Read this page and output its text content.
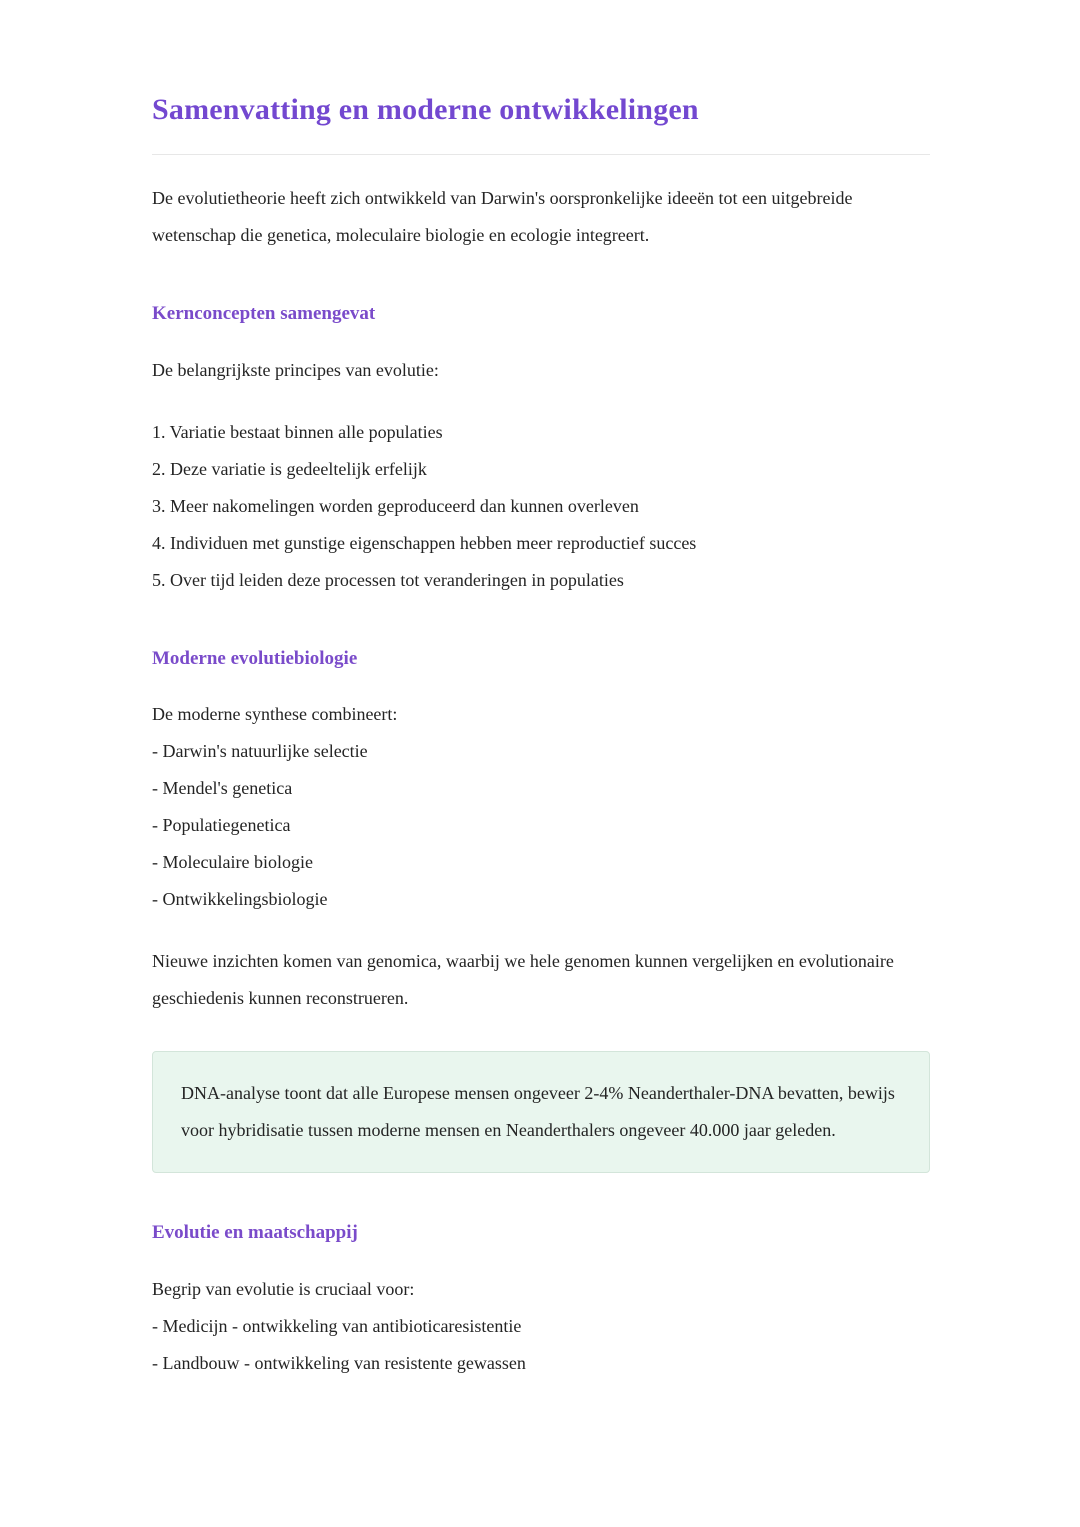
Samenvatting en moderne ontwikkelingen

De evolutietheorie heeft zich ontwikkeld van Darwin's oorspronkelijke ideeën tot een uitgebreide wetenschap die genetica, moleculaire biologie en ecologie integreert.

Kernconcepten samengevat

De belangrijkste principes van evolutie:

1. Variatie bestaat binnen alle populaties
2. Deze variatie is gedeeltelijk erfelijk
3. Meer nakomelingen worden geproduceerd dan kunnen overleven
4. Individuen met gunstige eigenschappen hebben meer reproductief succes
5. Over tijd leiden deze processen tot veranderingen in populaties
Moderne evolutiebiologie
De moderne synthese combineert:
- Darwin's natuurlijke selectie
- Mendel's genetica
- Populatiegenetica
- Moleculaire biologie
- Ontwikkelingsbiologie

Nieuwe inzichten komen van genomica, waarbij we hele genomen kunnen vergelijken en evolutionaire geschiedenis kunnen reconstrueren.

DNA-analyse toont dat alle Europese mensen ongeveer 2-4% Neanderthaler-DNA bevatten, bewijs voor hybridisatie tussen moderne mensen en Neanderthalers ongeveer 40.000 jaar geleden.

Evolutie en maatschappij
Begrip van evolutie is cruciaal voor:
- Medicijn - ontwikkeling van antibioticaresistentie
- Landbouw - ontwikkeling van resistente gewassen
